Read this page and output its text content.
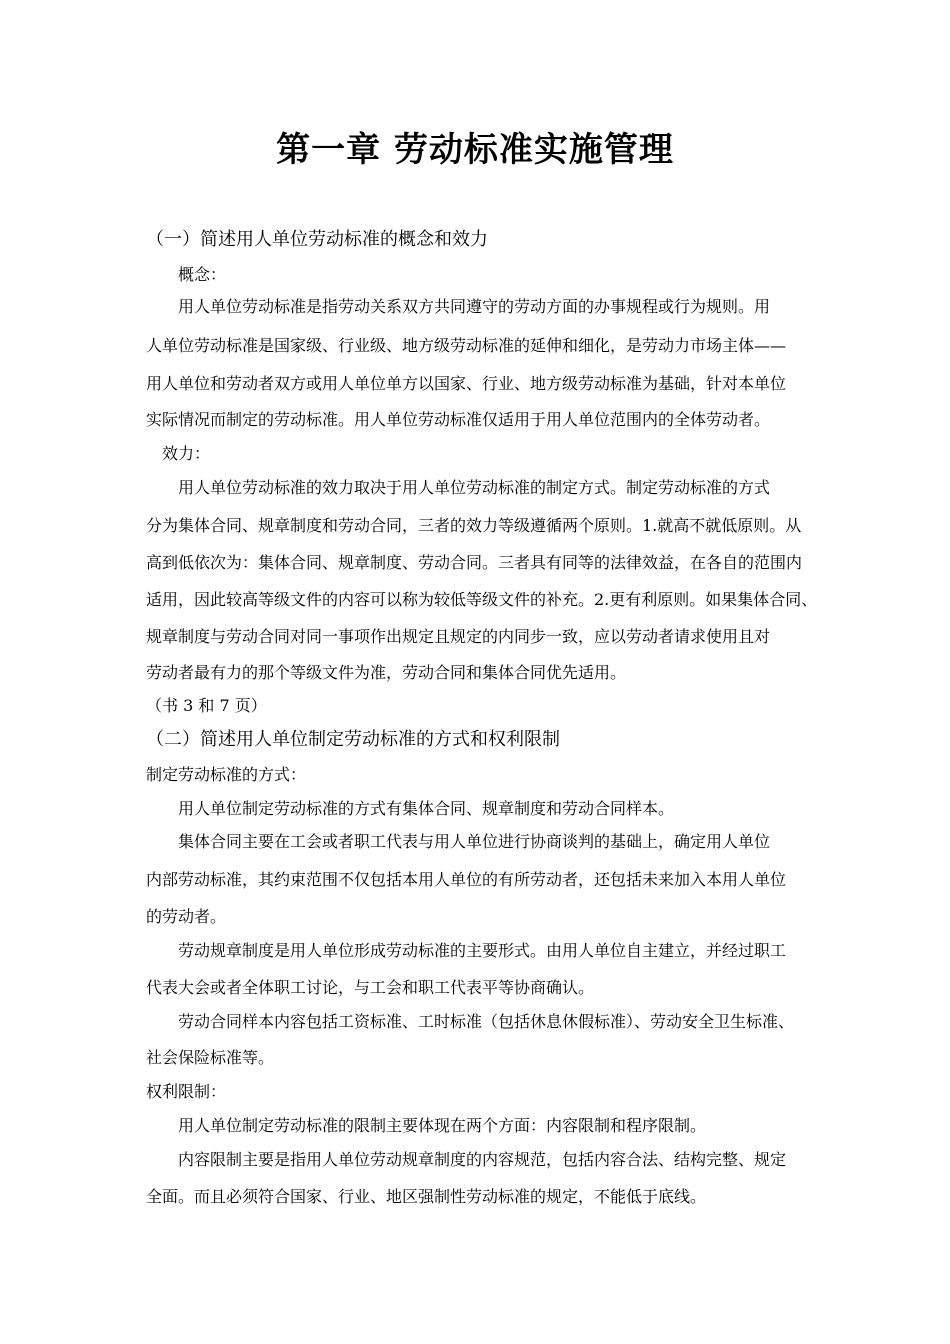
第一章 劳动标准实施管理
（一）简述用人单位劳动标准的概念和效力
概念：
用人单位劳动标准是指劳动关系双方共同遵守的劳动方面的办事规程或行为规则。用
人单位劳动标准是国家级、行业级、地方级劳动标准的延伸和细化，是劳动力市场主体——
用人单位和劳动者双方或用人单位单方以国家、行业、地方级劳动标准为基础，针对本单位
实际情况而制定的劳动标准。用人单位劳动标准仅适用于用人单位范围内的全体劳动者。
效力：
用人单位劳动标准的效力取决于用人单位劳动标准的制定方式。制定劳动标准的方式
分为集体合同、规章制度和劳动合同，三者的效力等级遵循两个原则。1.就高不就低原则。从
高到低依次为：集体合同、规章制度、劳动合同。三者具有同等的法律效益，在各自的范围内
适用，因此较高等级文件的内容可以称为较低等级文件的补充。2.更有利原则。如果集体合同、
规章制度与劳动合同对同一事项作出规定且规定的内同步一致，应以劳动者请求使用且对
劳动者最有力的那个等级文件为准，劳动合同和集体合同优先适用。
（书 3 和 7 页）
（二）简述用人单位制定劳动标准的方式和权利限制
制定劳动标准的方式：
用人单位制定劳动标准的方式有集体合同、规章制度和劳动合同样本。
集体合同主要在工会或者职工代表与用人单位进行协商谈判的基础上，确定用人单位
内部劳动标准，其约束范围不仅包括本用人单位的有所劳动者，还包括未来加入本用人单位
的劳动者。
劳动规章制度是用人单位形成劳动标准的主要形式。由用人单位自主建立，并经过职工
代表大会或者全体职工讨论，与工会和职工代表平等协商确认。
劳动合同样本内容包括工资标准、工时标准（包括休息休假标准）、劳动安全卫生标准、
社会保险标准等。
权利限制：
用人单位制定劳动标准的限制主要体现在两个方面：内容限制和程序限制。
内容限制主要是指用人单位劳动规章制度的内容规范，包括内容合法、结构完整、规定
全面。而且必须符合国家、行业、地区强制性劳动标准的规定，不能低于底线。
